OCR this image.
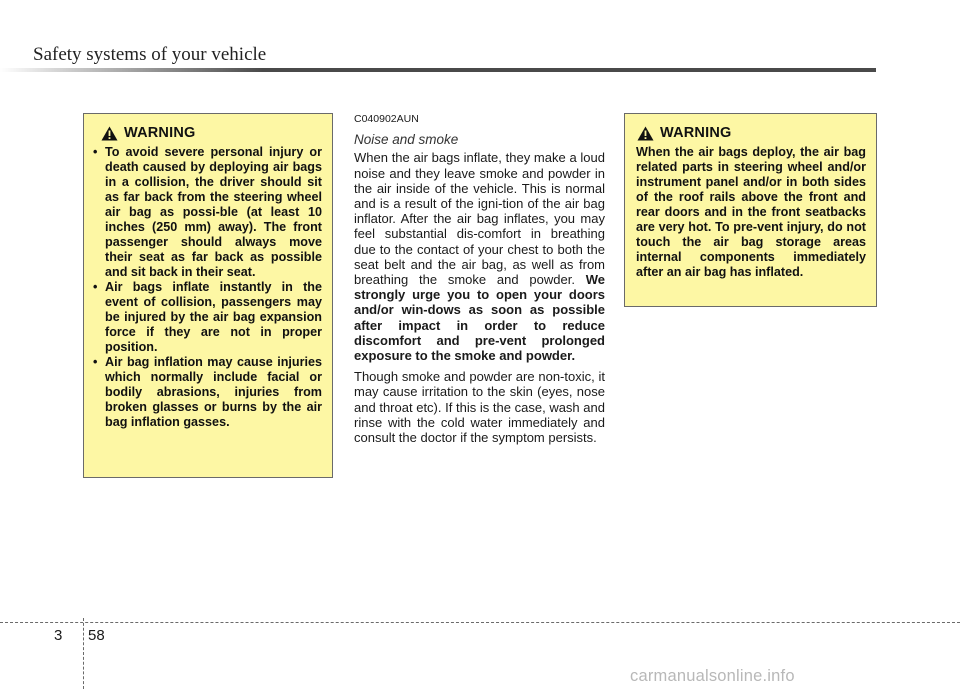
Safety systems of your vehicle
WARNING
• To avoid severe personal injury or death caused by deploying air bags in a collision, the driver should sit as far back from the steering wheel air bag as possi-ble (at least 10 inches (250 mm) away). The front passenger should always move their seat as far back as possible and sit back in their seat.
• Air bags inflate instantly in the event of collision, passengers may be injured by the air bag expansion force if they are not in proper position.
• Air bag inflation may cause injuries which normally include facial or bodily abrasions, injuries from broken glasses or burns by the air bag inflation gasses.
C040902AUN
Noise and smoke

When the air bags inflate, they make a loud noise and they leave smoke and powder in the air inside of the vehicle. This is normal and is a result of the igni-tion of the air bag inflator. After the air bag inflates, you may feel substantial dis-comfort in breathing due to the contact of your chest to both the seat belt and the air bag, as well as from breathing the smoke and powder. We strongly urge you to open your doors and/or win-dows as soon as possible after impact in order to reduce discomfort and pre-vent prolonged exposure to the smoke and powder.

Though smoke and powder are non-toxic, it may cause irritation to the skin (eyes, nose and throat etc). If this is the case, wash and rinse with the cold water immediately and consult the doctor if the symptom persists.

WARNING
When the air bags deploy, the air bag related parts in steering wheel and/or instrument panel and/or in both sides of the roof rails above the front and rear doors and in the front seatbacks are very hot. To pre-vent injury, do not touch the air bag storage areas internal components immediately after an air bag has inflated.
3 58
carmanualsonline.info
